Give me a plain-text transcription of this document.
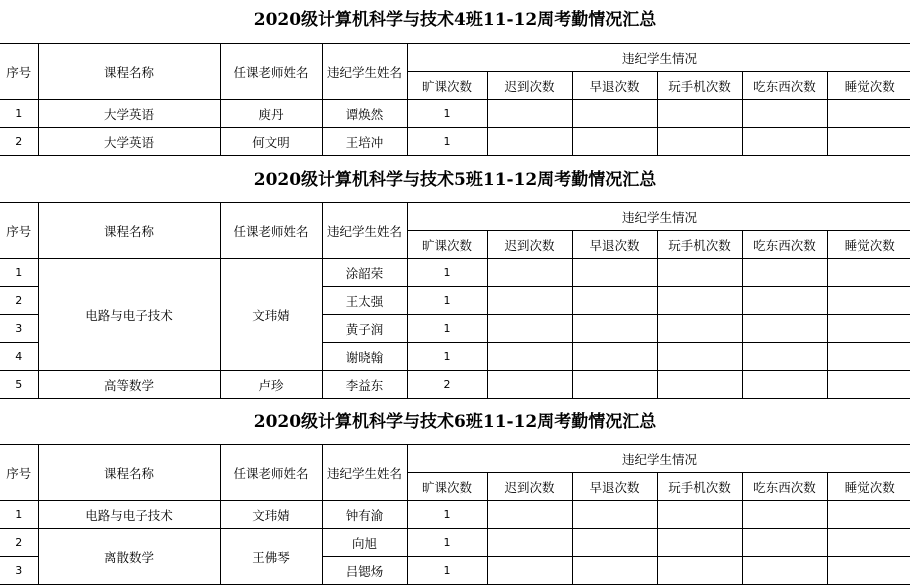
2020级计算机科学与技术4班11-12周考勤情况汇总
序号	课程名称	任课老师姓名	违纪学生姓名	违纪学生情况						
				旷课次数	迟到次数	早退次数	玩手机次数	吃东西次数	睡觉次数	
1	大学英语	庾丹	谭焕然	1						
2	大学英语	何文明	王培冲	1						
2020级计算机科学与技术5班11-12周考勤情况汇总
序号	课程名称	任课老师姓名	违纪学生姓名	违纪学生情况						
				旷课次数	迟到次数	早退次数	玩手机次数	吃东西次数	睡觉次数	
1	电路与电子技术	文玮婧	涂韶荣	1						
2			王太强	1						
3			黄子润	1						
4			谢晓翰	1						
5	高等数学	卢珍	李益东	2						
2020级计算机科学与技术6班11-12周考勤情况汇总
序号	课程名称	任课老师姓名	违纪学生姓名	违纪学生情况						
				旷课次数	迟到次数	早退次数	玩手机次数	吃东西次数	睡觉次数	
1	电路与电子技术	文玮婧	钟有渝	1						
2	离散数学	王佛琴	向旭	1						
3			吕锶炀	1						
